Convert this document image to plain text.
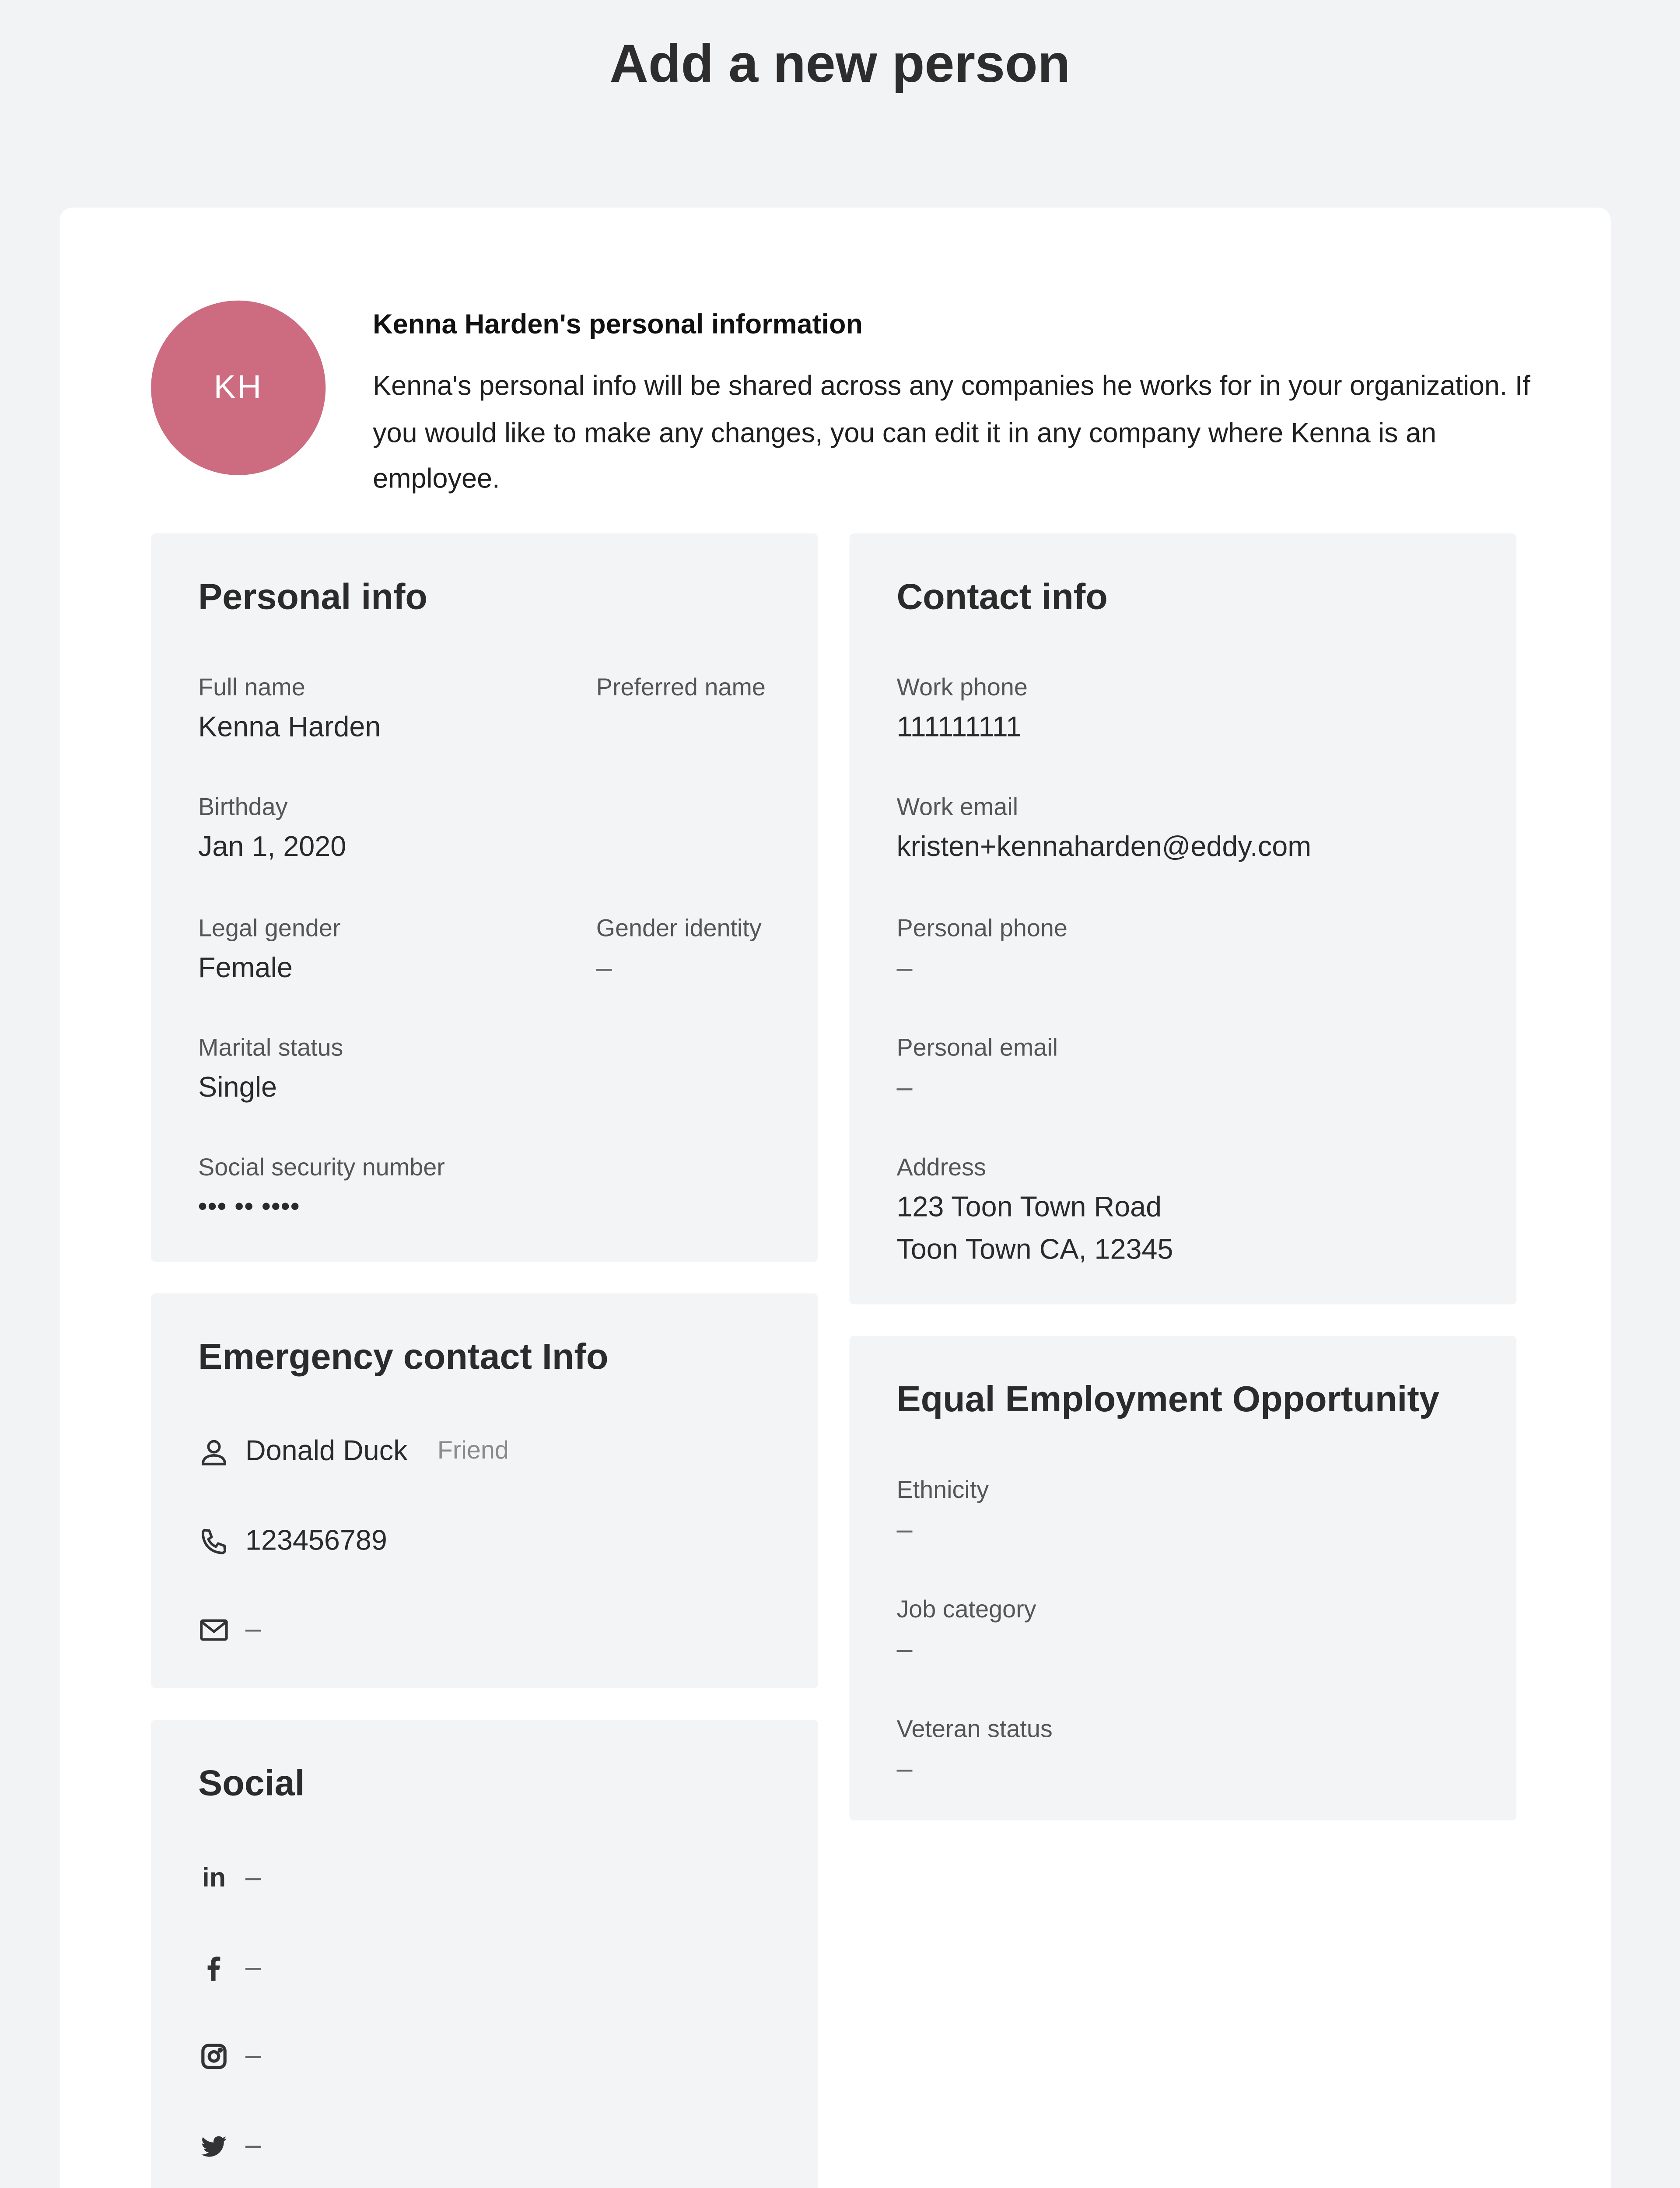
Add a new person
KH
Kenna Harden's personal information
Kenna's personal info will be shared across any companies he works for in your organization. If you would like to make any changes, you can edit it in any company where Kenna is an employee.
Personal info
Full name
Kenna Harden
Preferred name
Birthday
Jan 1, 2020
Legal gender
Female
Gender identity
–
Marital status
Single
Social security number
••• •• ••••
Contact info
Work phone
111111111
Work email
kristen+kennaharden@eddy.com
Personal phone
–
Personal email
–
Address
123 Toon Town Road
Toon Town CA, 12345
Emergency contact Info
Donald Duck	Friend
123456789
–
Equal Employment Opportunity
Ethnicity
–
Job category
–
Veteran status
–
Social
in	–
–
–
–
